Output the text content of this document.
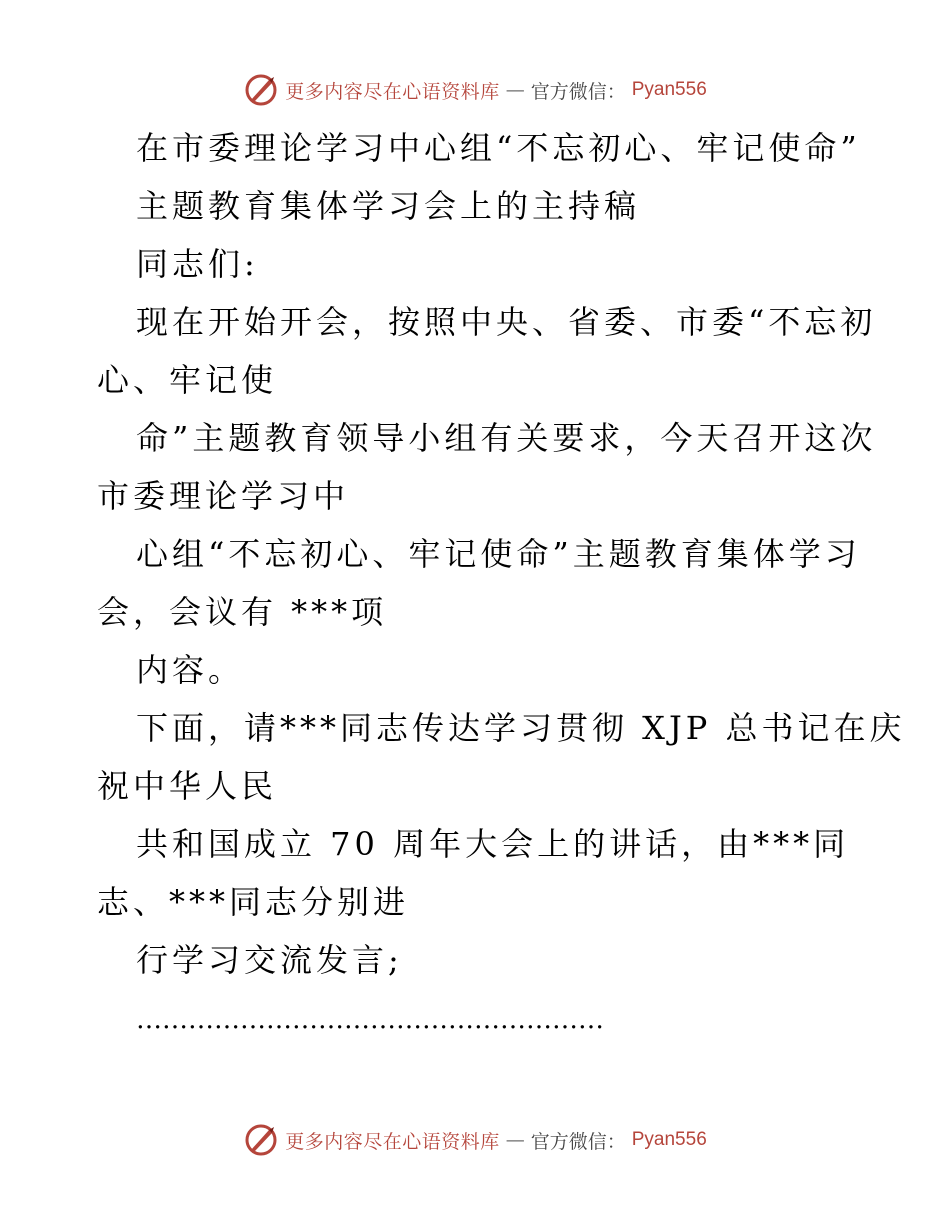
更多内容尽在心语资料库 — 官方微信： Pyan556
在市委理论学习中心组“不忘初心、牢记使命”
主题教育集体学习会上的主持稿
同志们:
现在开始开会，按照中央、省委、市委“不忘初
心、牢记使
命”主题教育领导小组有关要求，今天召开这次
市委理论学习中
心组“不忘初心、牢记使命”主题教育集体学习
会，会议有 ***项
内容。
下面，请***同志传达学习贯彻 XJP 总书记在庆
祝中华人民
共和国成立 70 周年大会上的讲话，由***同
志、***同志分别进
行学习交流发言;
………………………………………………
更多内容尽在心语资料库 — 官方微信： Pyan556
